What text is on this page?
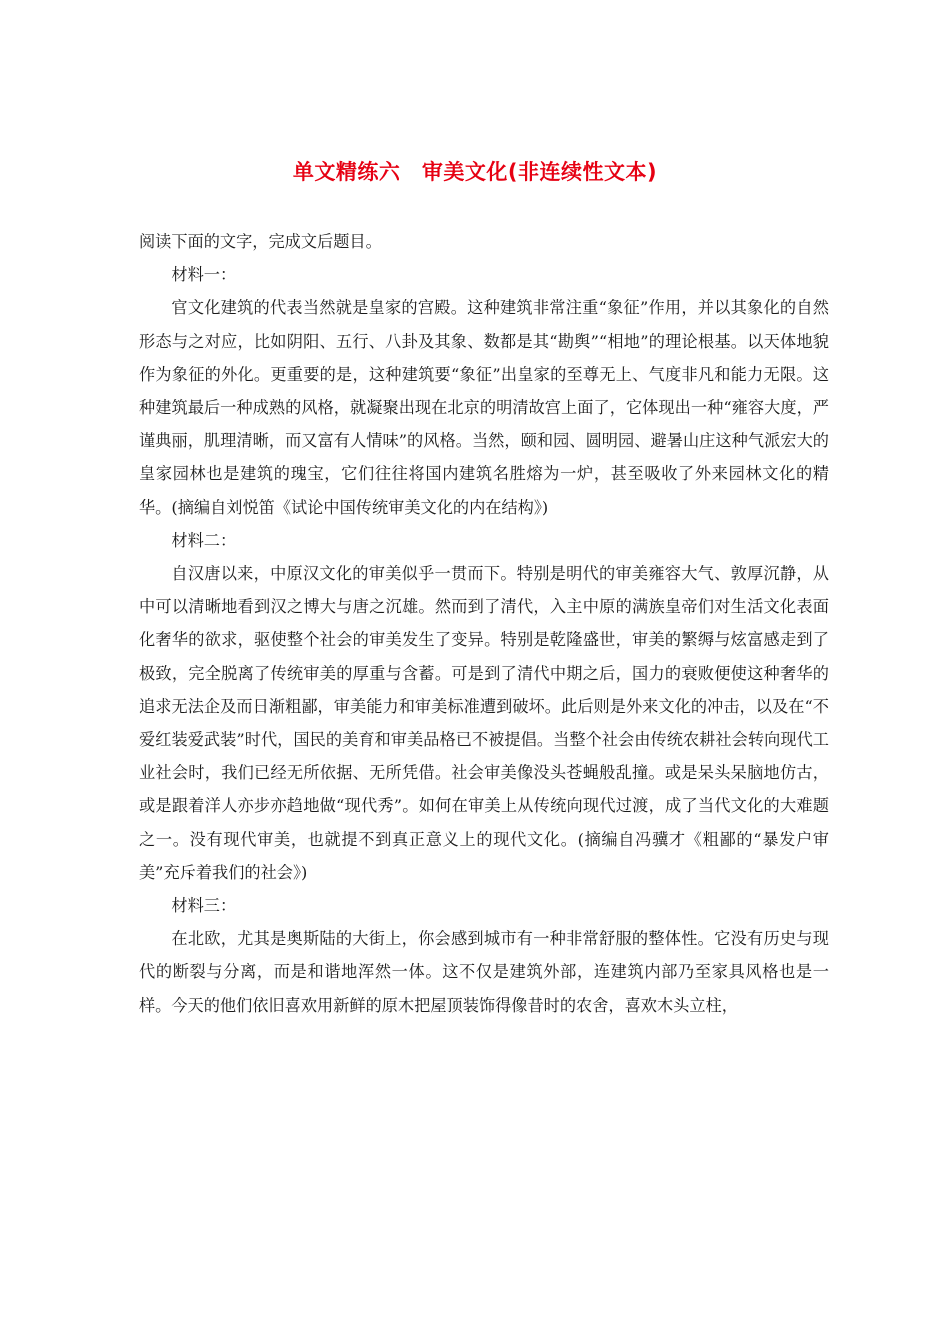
单文精练六　审美文化(非连续性文本)

阅读下面的文字，完成文后题目。

材料一：

官文化建筑的代表当然就是皇家的宫殿。这种建筑非常注重“象征”作用，并以其象化的自然形态与之对应，比如阴阳、五行、八卦及其象、数都是其“勘舆”“相地”的理论根基。以天体地貌作为象征的外化。更重要的是，这种建筑要“象征”出皇家的至尊无上、气度非凡和能力无限。这种建筑最后一种成熟的风格，就凝聚出现在北京的明清故宫上面了，它体现出一种“雍容大度，严谨典丽，肌理清晰，而又富有人情味”的风格。当然，颐和园、圆明园、避暑山庄这种气派宏大的皇家园林也是建筑的瑰宝，它们往往将国内建筑名胜熔为一炉，甚至吸收了外来园林文化的精华。(摘编自刘悦笛《试论中国传统审美文化的内在结构》)

材料二：

自汉唐以来，中原汉文化的审美似乎一贯而下。特别是明代的审美雍容大气、敦厚沉静，从中可以清晰地看到汉之博大与唐之沉雄。然而到了清代，入主中原的满族皇帝们对生活文化表面化奢华的欲求，驱使整个社会的审美发生了变异。特别是乾隆盛世，审美的繁缛与炫富感走到了极致，完全脱离了传统审美的厚重与含蓄。可是到了清代中期之后，国力的衰败便使这种奢华的追求无法企及而日渐粗鄙，审美能力和审美标准遭到破坏。此后则是外来文化的冲击，以及在“不爱红装爱武装”时代，国民的美育和审美品格已不被提倡。当整个社会由传统农耕社会转向现代工业社会时，我们已经无所依据、无所凭借。社会审美像没头苍蝇般乱撞。或是呆头呆脑地仿古，或是跟着洋人亦步亦趋地做“现代秀”。如何在审美上从传统向现代过渡，成了当代文化的大难题之一。没有现代审美，也就提不到真正意义上的现代文化。(摘编自冯骥才《粗鄙的“暴发户审美”充斥着我们的社会》)

材料三：

在北欧，尤其是奥斯陆的大街上，你会感到城市有一种非常舒服的整体性。它没有历史与现代的断裂与分离，而是和谐地浑然一体。这不仅是建筑外部，连建筑内部乃至家具风格也是一样。今天的他们依旧喜欢用新鲜的原木把屋顶装饰得像昔时的农舍，喜欢木头立柱，
